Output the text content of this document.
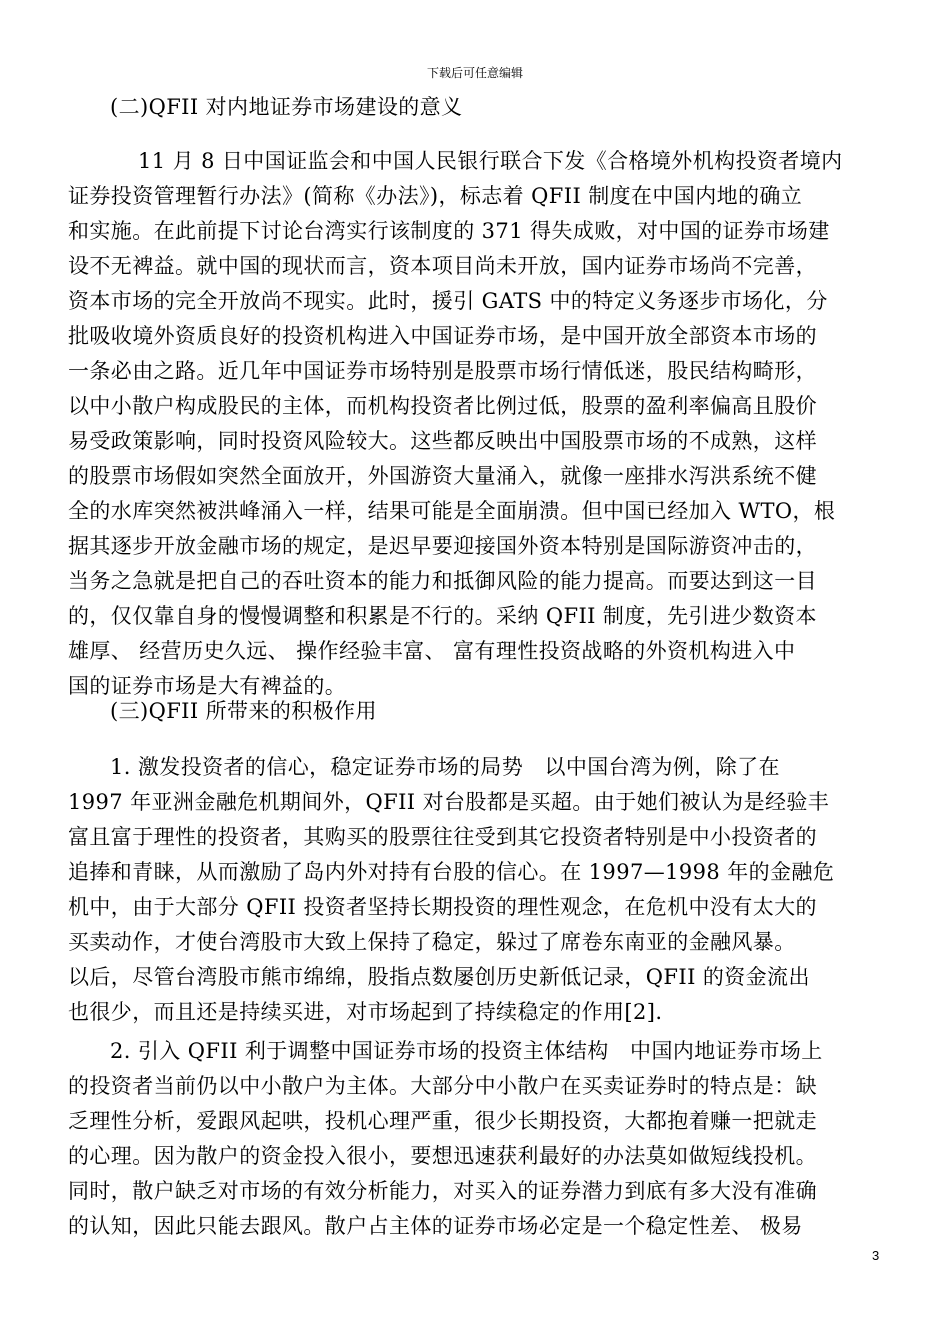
下载后可任意编辑
(二)QFII 对内地证券市场建设的意义
11 月 8 日中国证监会和中国人民银行联合下发《合格境外机构投资者境内
证券投资管理暂行办法》(简称《办法》)，标志着 QFII 制度在中国内地的确立
和实施。在此前提下讨论台湾实行该制度的 371 得失成败，对中国的证券市场建
设不无裨益。就中国的现状而言，资本项目尚未开放，国内证券市场尚不完善，
资本市场的完全开放尚不现实。此时，援引 GATS 中的特定义务逐步市场化，分
批吸收境外资质良好的投资机构进入中国证券市场，是中国开放全部资本市场的
一条必由之路。近几年中国证券市场特别是股票市场行情低迷，股民结构畸形，
以中小散户构成股民的主体，而机构投资者比例过低，股票的盈利率偏高且股价
易受政策影响，同时投资风险较大。这些都反映出中国股票市场的不成熟，这样
的股票市场假如突然全面放开，外国游资大量涌入，就像一座排水泻洪系统不健
全的水库突然被洪峰涌入一样，结果可能是全面崩溃。但中国已经加入 WTO，根
据其逐步开放金融市场的规定，是迟早要迎接国外资本特别是国际游资冲击的，
当务之急就是把自己的吞吐资本的能力和抵御风险的能力提高。而要达到这一目
的，仅仅靠自身的慢慢调整和积累是不行的。采纳 QFII 制度，先引进少数资本
雄厚、 经营历史久远、 操作经验丰富、 富有理性投资战略的外资机构进入中
国的证券市场是大有裨益的。
(三)QFII 所带来的积极作用
1. 激发投资者的信心，稳定证券市场的局势　以中国台湾为例，除了在
1997 年亚洲金融危机期间外，QFII 对台股都是买超。由于她们被认为是经验丰
富且富于理性的投资者，其购买的股票往往受到其它投资者特别是中小投资者的
追捧和青睐，从而激励了岛内外对持有台股的信心。在 1997—1998 年的金融危
机中，由于大部分 QFII 投资者坚持长期投资的理性观念，在危机中没有太大的
买卖动作，才使台湾股市大致上保持了稳定，躲过了席卷东南亚的金融风暴。
以后，尽管台湾股市熊市绵绵，股指点数屡创历史新低记录，QFII 的资金流出
也很少，而且还是持续买进，对市场起到了持续稳定的作用[2].
2. 引入 QFII 利于调整中国证券市场的投资主体结构　中国内地证券市场上
的投资者当前仍以中小散户为主体。大部分中小散户在买卖证券时的特点是：缺
乏理性分析，爱跟风起哄，投机心理严重，很少长期投资，大都抱着赚一把就走
的心理。因为散户的资金投入很小，要想迅速获利最好的办法莫如做短线投机。
同时，散户缺乏对市场的有效分析能力，对买入的证券潜力到底有多大没有准确
的认知，因此只能去跟风。散户占主体的证券市场必定是一个稳定性差、 极易
3
